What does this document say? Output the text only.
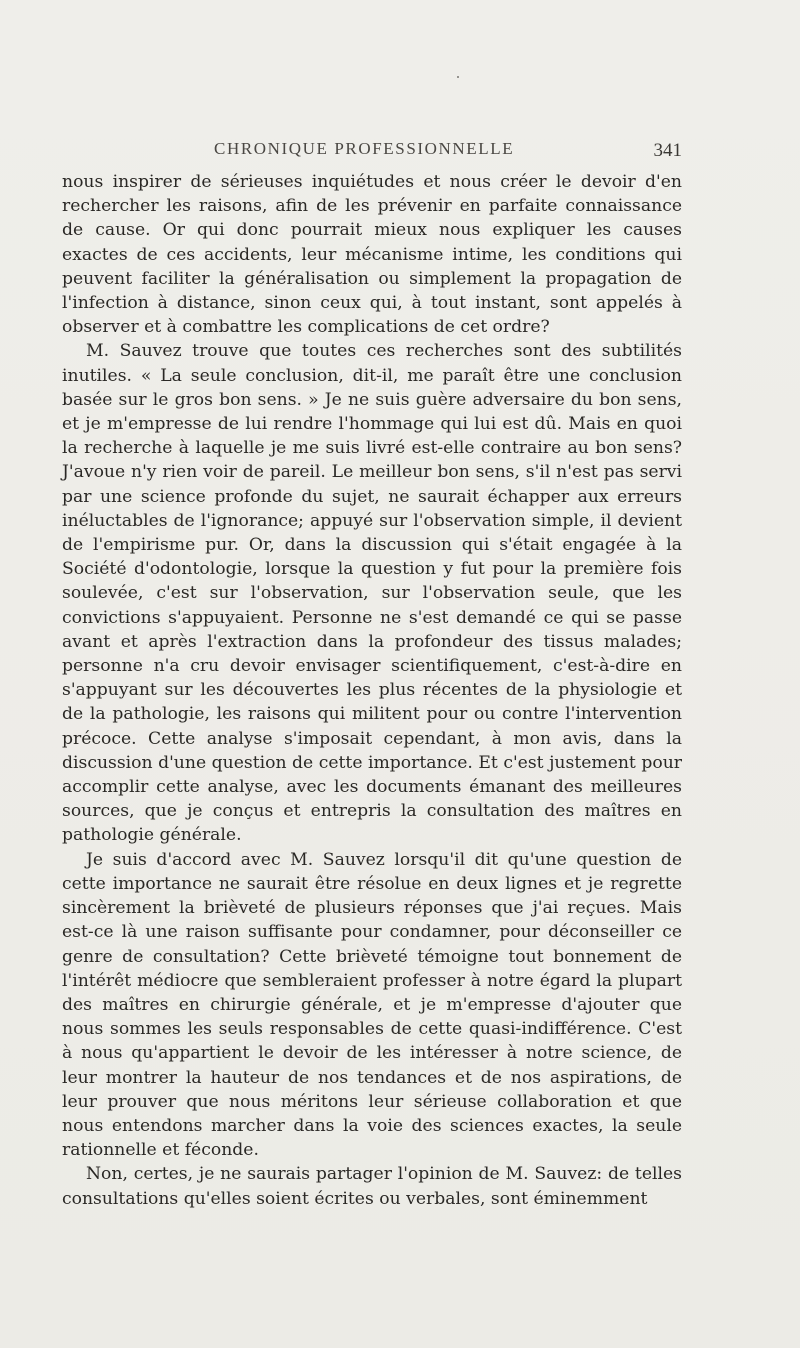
CHRONIQUE PROFESSIONNELLE	341

nous inspirer de sérieuses inquiétudes et nous créer le devoir d'en rechercher les raisons, afin de les prévenir en parfaite connaissance de cause. Or qui donc pourrait mieux nous expliquer les causes exactes de ces accidents, leur mécanisme intime, les conditions qui peuvent faciliter la généralisation ou simplement la propagation de l'infection à distance, sinon ceux qui, à tout instant, sont appelés à observer et à combattre les complications de cet ordre?

M. Sauvez trouve que toutes ces recherches sont des subtilités inutiles. « La seule conclusion, dit-il, me paraît être une conclusion basée sur le gros bon sens. » Je ne suis guère adversaire du bon sens, et je m'empresse de lui rendre l'hommage qui lui est dû. Mais en quoi la recherche à laquelle je me suis livré est-elle contraire au bon sens? J'avoue n'y rien voir de pareil. Le meilleur bon sens, s'il n'est pas servi par une science profonde du sujet, ne saurait échapper aux erreurs inéluctables de l'ignorance; appuyé sur l'observation simple, il devient de l'empirisme pur. Or, dans la discussion qui s'était engagée à la Société d'odontologie, lorsque la question y fut pour la première fois soulevée, c'est sur l'observation, sur l'observation seule, que les convictions s'appuyaient. Personne ne s'est demandé ce qui se passe avant et après l'extraction dans la profondeur des tissus malades; personne n'a cru devoir envisager scientifiquement, c'est-à-dire en s'appuyant sur les découvertes les plus récentes de la physiologie et de la pathologie, les raisons qui militent pour ou contre l'intervention précoce. Cette analyse s'imposait cependant, à mon avis, dans la discussion d'une question de cette importance. Et c'est justement pour accomplir cette analyse, avec les documents émanant des meilleures sources, que je conçus et entrepris la consultation des maîtres en pathologie générale.

Je suis d'accord avec M. Sauvez lorsqu'il dit qu'une question de cette importance ne saurait être résolue en deux lignes et je regrette sincèrement la brièveté de plusieurs réponses que j'ai reçues. Mais est-ce là une raison suffisante pour condamner, pour déconseiller ce genre de consultation? Cette brièveté témoigne tout bonnement de l'intérêt médiocre que sembleraient professer à notre égard la plupart des maîtres en chirurgie générale, et je m'empresse d'ajouter que nous sommes les seuls responsables de cette quasi-indifférence. C'est à nous qu'appartient le devoir de les intéresser à notre science, de leur montrer la hauteur de nos tendances et de nos aspirations, de leur prouver que nous méritons leur sérieuse collaboration et que nous entendons marcher dans la voie des sciences exactes, la seule rationnelle et féconde.

Non, certes, je ne saurais partager l'opinion de M. Sauvez: de telles consultations qu'elles soient écrites ou verbales, sont éminemment
